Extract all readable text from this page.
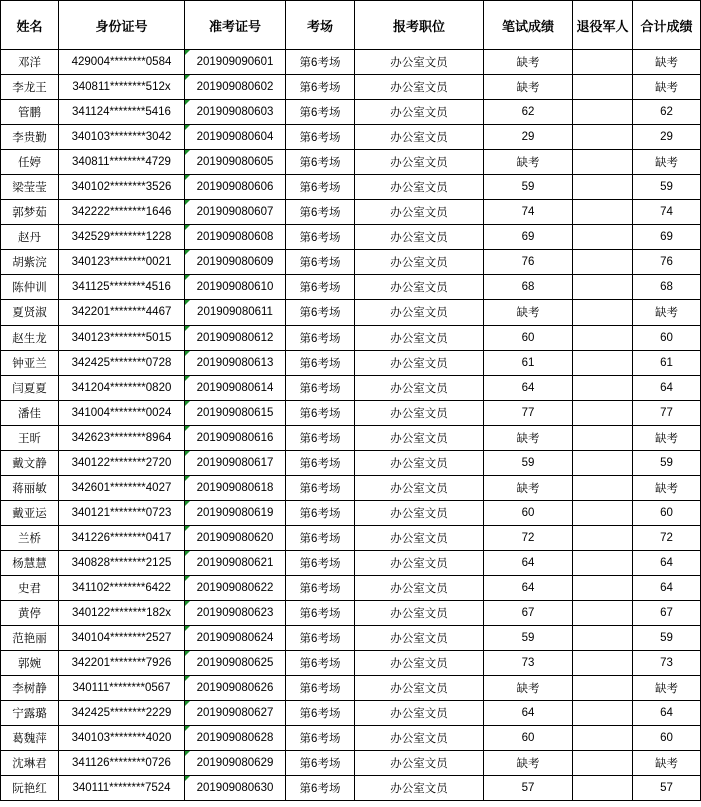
姓名	身份证号	准考证号	考场	报考职位	笔试成绩	退役军人	合计成绩
邓洋	429004********0584	201909090601	第6考场	办公室文员	缺考		缺考
李龙王	340811********512x	201909080602	第6考场	办公室文员	缺考		缺考
管鹏	341124********5416	201909080603	第6考场	办公室文员	62		62
李贵勤	340103********3042	201909080604	第6考场	办公室文员	29		29
任婷	340811********4729	201909080605	第6考场	办公室文员	缺考		缺考
梁莹莹	340102********3526	201909080606	第6考场	办公室文员	59		59
郭梦茹	342222********1646	201909080607	第6考场	办公室文员	74		74
赵丹	342529********1228	201909080608	第6考场	办公室文员	69		69
胡紫浣	340123********0021	201909080609	第6考场	办公室文员	76		76
陈仲训	341125********4516	201909080610	第6考场	办公室文员	68		68
夏贤淑	342201********4467	201909080611	第6考场	办公室文员	缺考		缺考
赵生龙	340123********5015	201909080612	第6考场	办公室文员	60		60
钟亚兰	342425********0728	201909080613	第6考场	办公室文员	61		61
闫夏夏	341204********0820	201909080614	第6考场	办公室文员	64		64
潘佳	341004********0024	201909080615	第6考场	办公室文员	77		77
王昕	342623********8964	201909080616	第6考场	办公室文员	缺考		缺考
戴文静	340122********2720	201909080617	第6考场	办公室文员	59		59
蒋丽敏	342601********4027	201909080618	第6考场	办公室文员	缺考		缺考
戴亚运	340121********0723	201909080619	第6考场	办公室文员	60		60
兰桥	341226********0417	201909080620	第6考场	办公室文员	72		72
杨慧慧	340828********2125	201909080621	第6考场	办公室文员	64		64
史君	341102********6422	201909080622	第6考场	办公室文员	64		64
黄停	340122********182x	201909080623	第6考场	办公室文员	67		67
范艳丽	340104********2527	201909080624	第6考场	办公室文员	59		59
郭婉	342201********7926	201909080625	第6考场	办公室文员	73		73
李树静	340111********0567	201909080626	第6考场	办公室文员	缺考		缺考
宁露璐	342425********2229	201909080627	第6考场	办公室文员	64		64
葛魏萍	340103********4020	201909080628	第6考场	办公室文员	60		60
沈琳君	341126********0726	201909080629	第6考场	办公室文员	缺考		缺考
阮艳红	340111********7524	201909080630	第6考场	办公室文员	57		57
